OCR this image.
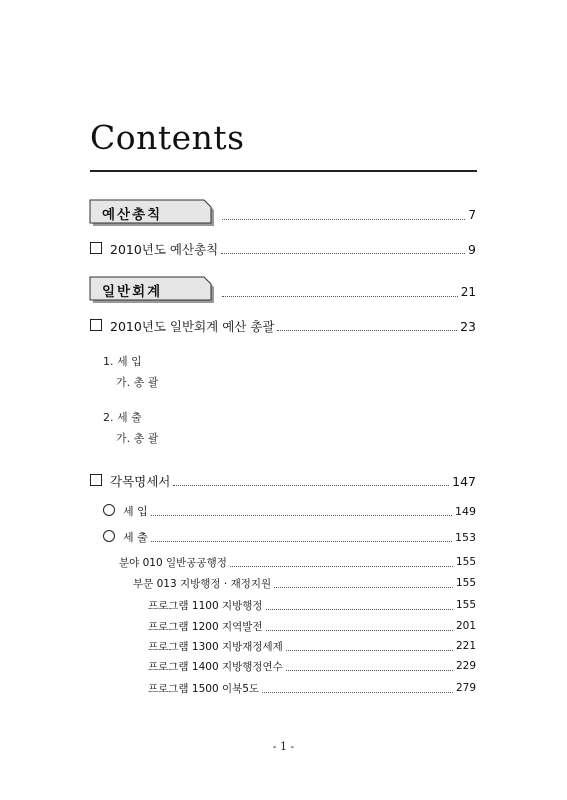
Contents
예산총칙	7
2010년도 예산총칙	9
일반회계	21
2010년도 일반회계 예산 총괄	23
1. 세 입
가. 총 괄
2. 세 출
가. 총 괄
각목명세서	147
세 입	149
세 출	153
분야 010 일반공공행정	155
부문 013 지방행정 · 재정지원	155
프로그램 1100 지방행정	155
프로그램 1200 지역발전	201
프로그램 1300 지방재정세제	221
프로그램 1400 지방행정연수	229
프로그램 1500 이북5도	279
- 1 -
